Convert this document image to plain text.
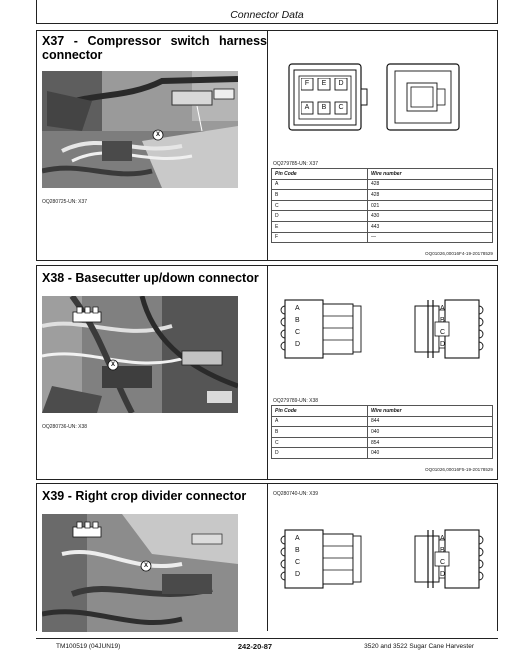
Connector Data
X37 - Compressor switch harness connector
X
OQ280725-UN: X37
F	E	D
A	B	C
OQ279785-UN: X37
Pin Code	Wire number
A	428
B	428
C	021
D	430
E	443
F	—
OQ01026,00016F4-19-20178529
X38 - Basecutter up/down connector
X
OQ280736-UN: X38
A
B
C
D
A
B
C
D
OQ279789-UN: X38
Pin Code	Wire number
A	844
B	040
C	854
D	040
OQ01026,00016F5-19-20178529
X39 - Right crop divider connector
X
OQ280740-UN: X39
A
B
C
D
A
B
C
D
TM100519 (04JUN19)	242-20-87	3520 and 3522 Sugar Cane Harvester
